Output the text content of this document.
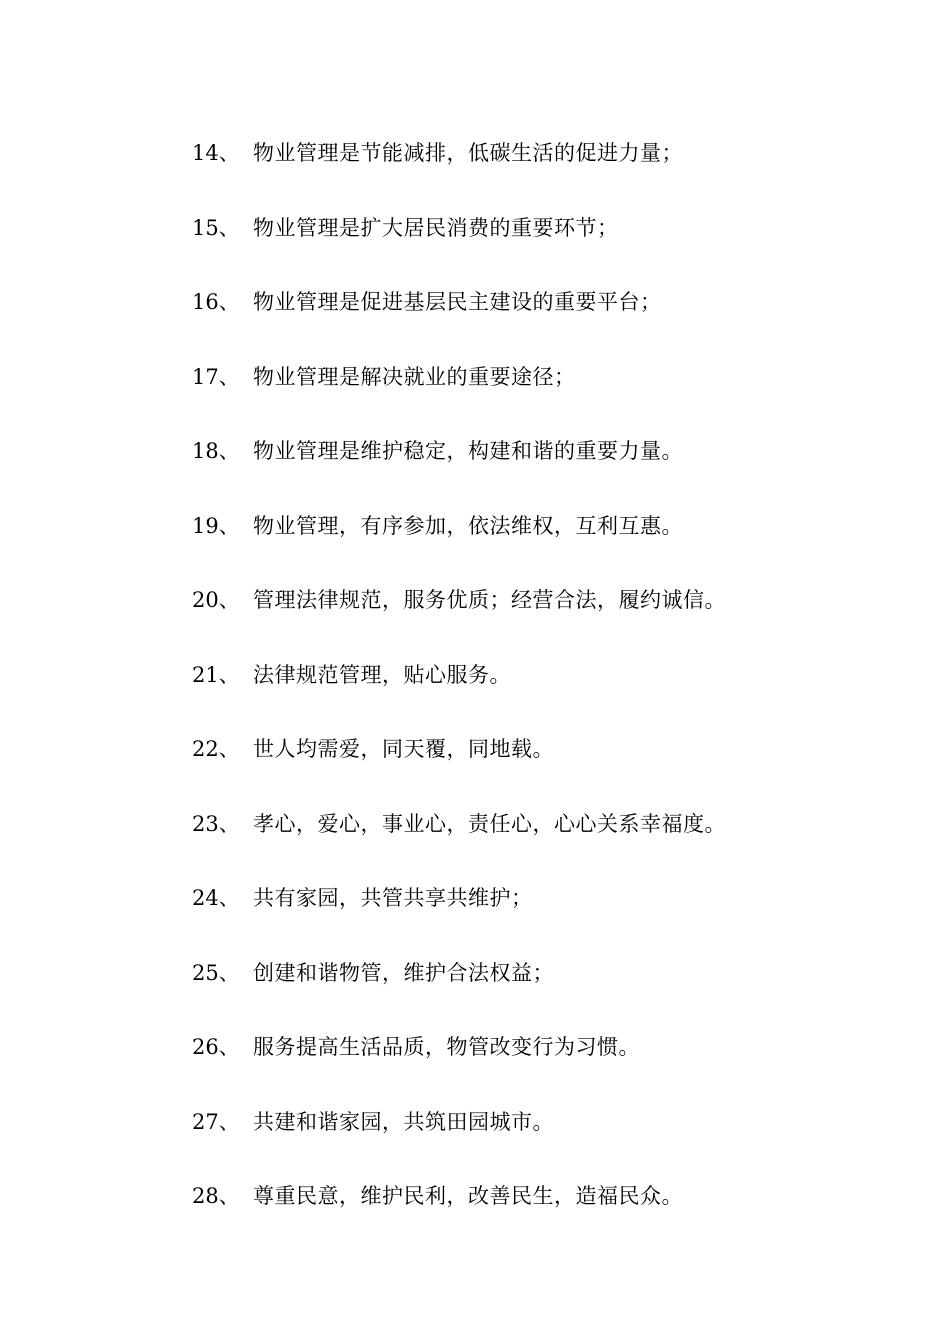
14、 物业管理是节能减排，低碳生活的促进力量；
15、 物业管理是扩大居民消费的重要环节；
16、 物业管理是促进基层民主建设的重要平台；
17、 物业管理是解决就业的重要途径；
18、 物业管理是维护稳定，构建和谐的重要力量。
19、 物业管理，有序参加，依法维权，互利互惠。
20、 管理法律规范，服务优质；经营合法，履约诚信。
21、 法律规范管理，贴心服务。
22、 世人均需爱，同天覆，同地载。
23、 孝心，爱心，事业心，责任心，心心关系幸福度。
24、 共有家园，共管共享共维护；
25、 创建和谐物管，维护合法权益；
26、 服务提高生活品质，物管改变行为习惯。
27、 共建和谐家园，共筑田园城市。
28、 尊重民意，维护民利，改善民生，造福民众。
